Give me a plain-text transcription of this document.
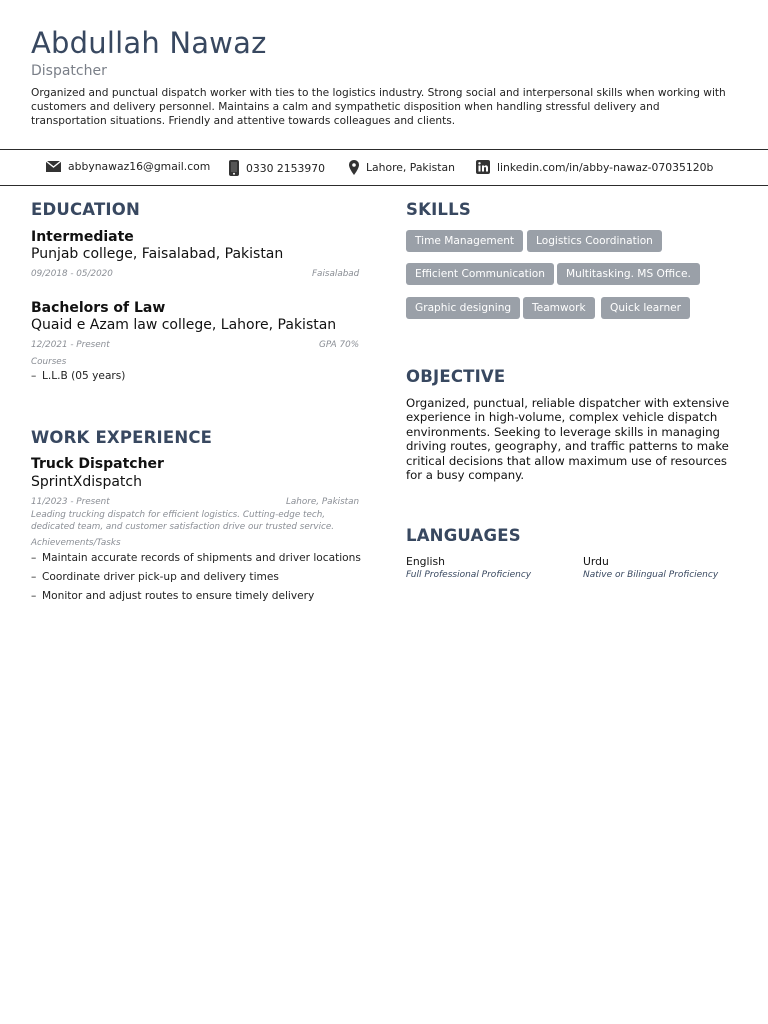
Abdullah Nawaz
Dispatcher
Organized and punctual dispatch worker with ties to the logistics industry. Strong social and interpersonal skills when working with customers and delivery personnel. Maintains a calm and sympathetic disposition when handling stressful delivery and transportation situations. Friendly and attentive towards colleagues and clients.
abbynawaz16@gmail.com	0330 2153970	Lahore, Pakistan	linkedin.com/in/abby-nawaz-07035120b
EDUCATION
Intermediate
Punjab college, Faisalabad, Pakistan
09/2018 - 05/2020	Faisalabad
Bachelors of Law
Quaid e Azam law college, Lahore, Pakistan
12/2021 - Present	GPA 70%
Courses
– L.L.B (05 years)
WORK EXPERIENCE
Truck Dispatcher
SprintXdispatch
11/2023 - Present	Lahore, Pakistan
Leading trucking dispatch for efficient logistics. Cutting-edge tech,
dedicated team, and customer satisfaction drive our trusted service.
Achievements/Tasks
– Maintain accurate records of shipments and driver locations
– Coordinate driver pick-up and delivery times
– Monitor and adjust routes to ensure timely delivery
SKILLS
Time Management	Logistics Coordination
Efficient Communication	Multitasking. MS Office.
Graphic designing	Teamwork	Quick learner
OBJECTIVE
Organized, punctual, reliable dispatcher with extensive experience in high-volume, complex vehicle dispatch environments. Seeking to leverage skills in managing driving routes, geography, and traffic patterns to make critical decisions that allow maximum use of resources for a busy company.
LANGUAGES
English
Full Professional Proficiency
Urdu
Native or Bilingual Proficiency
